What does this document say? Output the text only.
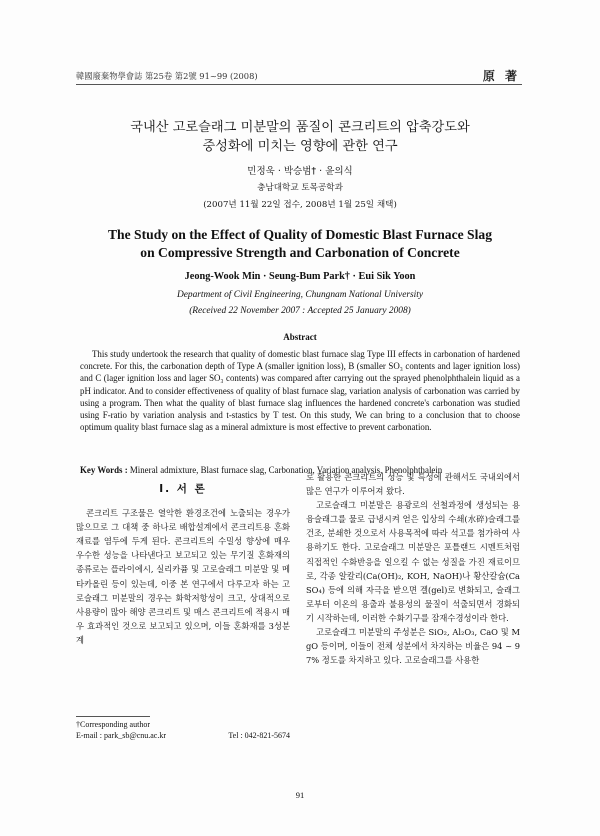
韓國廢棄物學會誌 第25卷 第2號 91~99 (2008)	原 著
국내산 고로슬래그 미분말의 품질이 콘크리트의 압축강도와
중성화에 미치는 영향에 관한 연구
민정욱 · 박승범† · 윤의식
충남대학교 토목공학과
(2007년 11월 22일 접수, 2008년 1월 25일 채택)
The Study on the Effect of Quality of Domestic Blast Furnace Slag
on Compressive Strength and Carbonation of Concrete
Jeong-Wook Min · Seung-Bum Park† · Eui Sik Yoon
Department of Civil Engineering, Chungnam National University
(Received 22 November 2007 : Accepted 25 January 2008)
Abstract
This study undertook the research that quality of domestic blast furnace slag Type III effects in carbonation of hardened concrete. For this, the carbonation depth of Type A (smaller ignition loss), B (smaller SO₃ contents and lager ignition loss) and C (lager ignition loss and lager SO₃ contents) was compared after carrying out the sprayed phenolphthalein liquid as a pH indicator. And to consider effectiveness of quality of blast furnace slag, variation analysis of carbonation was carried by using a program. Then what the quality of blast furnace slag influences the hardened concrete's carbonation was studied using F-ratio by variation analysis and t-stastics by T test. On this study, We can bring to a conclusion that to choose optimum quality blast furnace slag as a mineral admixture is most effective to prevent carbonation.
Key Words : Mineral admixture, Blast furnace slag, Carbonation, Variation analysis, Phenolphthalein
I. 서 론

콘크리트 구조물은 열악한 환경조건에 노출되는 경우가 많으므로 그 대책 중 하나로 배합설계에서 콘크리트용 혼화재료를 염두에 두게 된다. 콘크리트의 수밀성 향상에 매우 우수한 성능을 나타낸다고 보고되고 있는 무기질 혼화재의 종류로는 플라이에시, 실리카퓸 및 고로슬래그 미분말 및 메타카올린 등이 있는데, 이중 본 연구에서 다루고자 하는 고로슬래그 미분말의 경우는 화학저항성이 크고, 상대적으로 사용량이 많아 해양 콘크리트 및 매스 콘크리트에 적용시 매우 효과적인 것으로 보고되고 있으며, 이들 혼화재를 3성분계

로 활용한 콘크리트의 성능 및 특성에 관해서도 국내외에서 많은 연구가 이루어져 왔다.

고로슬래그 미분말은 용광로의 선철과정에 생성되는 용융슬래그를 물로 급냉시켜 얻은 입상의 수쇄(水碎)슬래그를 건조, 분쇄한 것으로서 사용목적에 따라 석고를 첨가하여 사용하기도 한다. 고로슬래그 미분말은 포틀랜드 시멘트처럼 직접적인 수화반응을 일으킬 수 없는 성질을 가진 재료이므로, 각종 알칼리(Ca(OH)₂, KOH, NaOH)나 황산칼슘(CaSO₄) 등에 의해 자극을 받으면 겔(gel)로 변화되고, 슬래그로부터 이온의 용출과 불용성의 물질이 석출되면서 경화되기 시작하는데, 이러한 수화기구를 잠재수경성이라 한다.

고로슬래그 미분말의 주성분은 SiO₂, Al₂O₃, CaO 및 MgO 등이며, 이들이 전체 성분에서 차지하는 비율은 94 ~ 97% 정도를 차지하고 있다. 고로슬래그를 사용한

†Corresponding author
E-mail : park_sb@cnu.ac.kr	Tel : 042-821-5674
91
